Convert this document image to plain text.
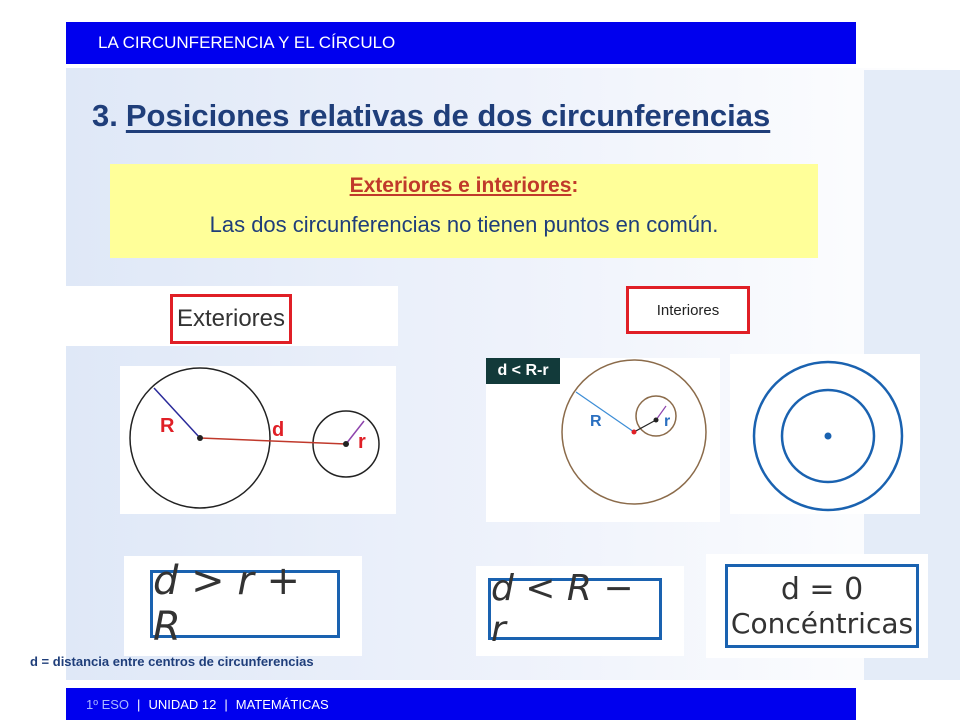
LA CIRCUNFERENCIA Y EL CÍRCULO
3. Posiciones relativas de dos circunferencias
Exteriores e interiores:
Las dos circunferencias no tienen puntos en común.
Exteriores	Interiores
R	d
r
R	r
d < R-r
d > r + R
d < R − r
d = 0
Concéntricas
d = distancia entre centros de circunferencias
1º ESO | UNIDAD 12 | MATEMÁTICAS
